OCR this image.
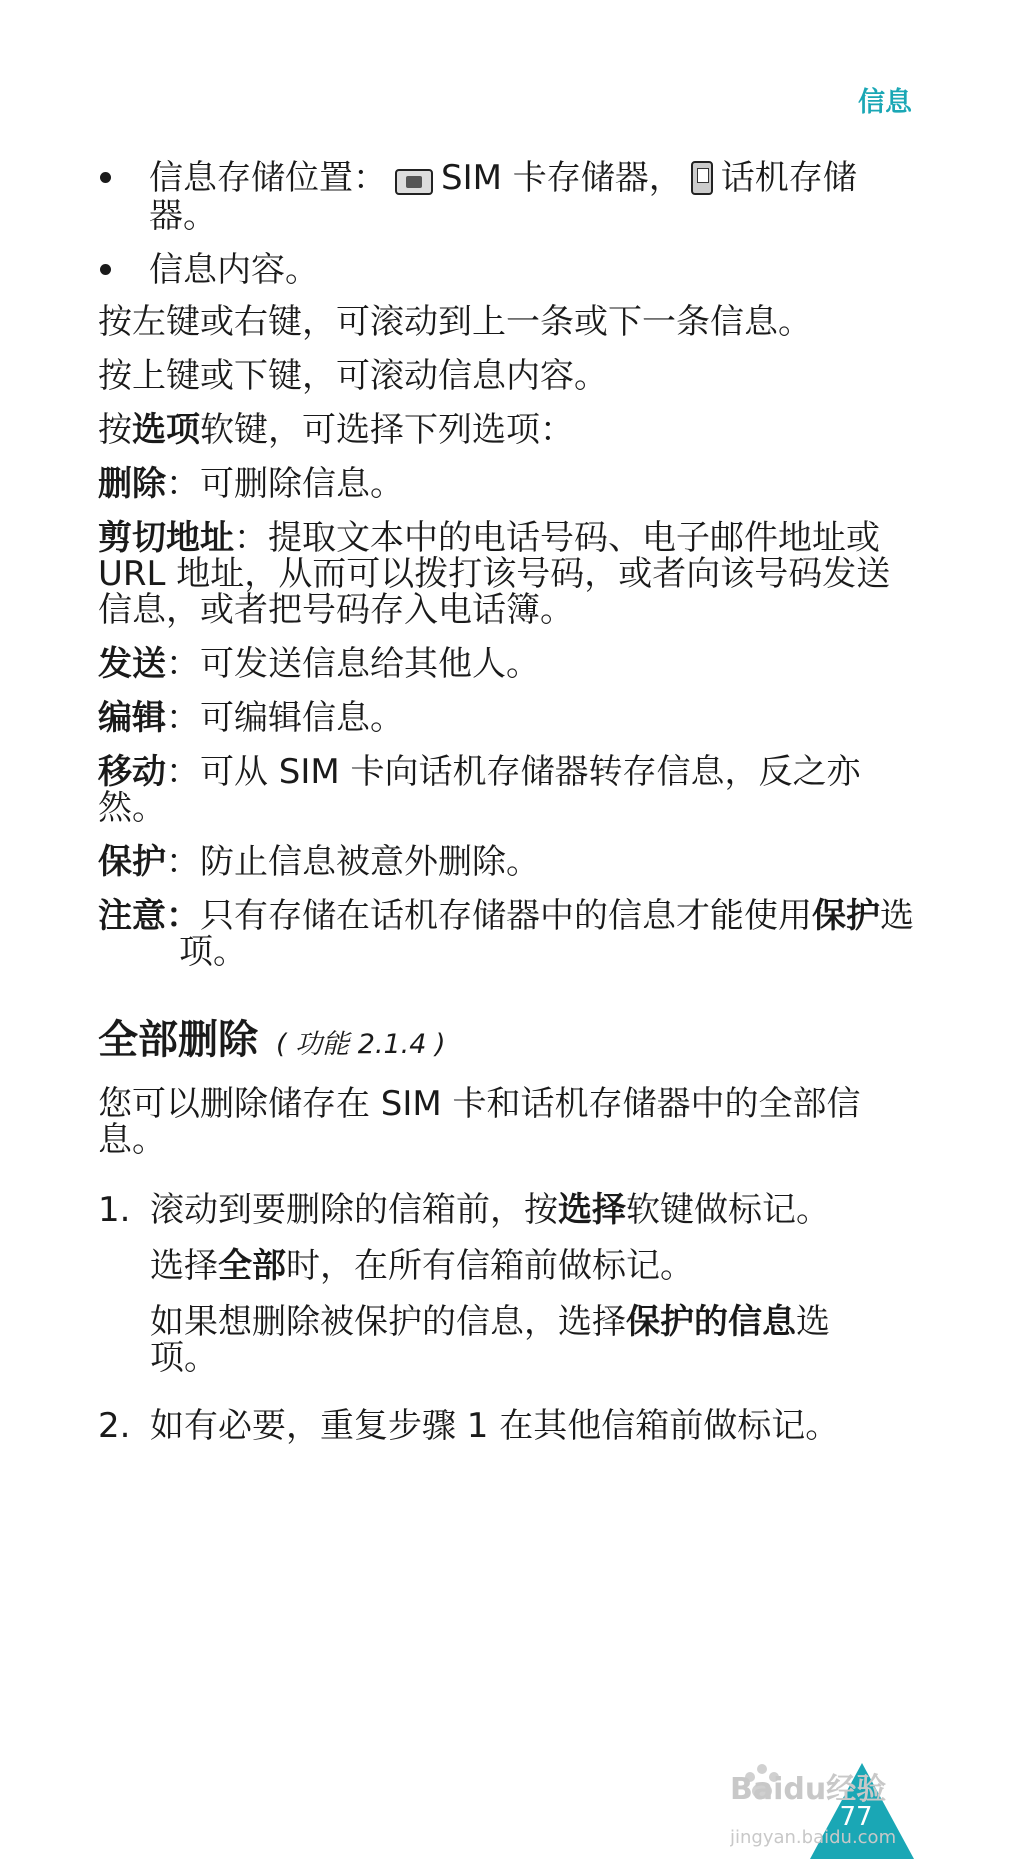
信息
信息存储位置： SIM 卡存储器， 话机存储
器。
信息内容。
按左键或右键，可滚动到上一条或下一条信息。
按上键或下键，可滚动信息内容。
按选项软键，可选择下列选项：
删除：可删除信息。
剪切地址：提取文本中的电话号码、电子邮件地址或
URL 地址，从而可以拨打该号码，或者向该号码发送
信息，或者把号码存入电话簿。
发送：可发送信息给其他人。
编辑：可编辑信息。
移动：可从 SIM 卡向话机存储器转存信息，反之亦
然。
保护：防止信息被意外删除。
注意：只有存储在话机存储器中的信息才能使用保护选
项。
全部删除 ( 功能 2.1.4 )
您可以删除储存在 SIM 卡和话机存储器中的全部信
息。
1. 滚动到要删除的信箱前，按选择软键做标记。
选择全部时，在所有信箱前做标记。
如果想删除被保护的信息，选择保护的信息选
项。
2. 如有必要，重复步骤 1 在其他信箱前做标记。
77
Baidu经验
jingyan.baidu.com
